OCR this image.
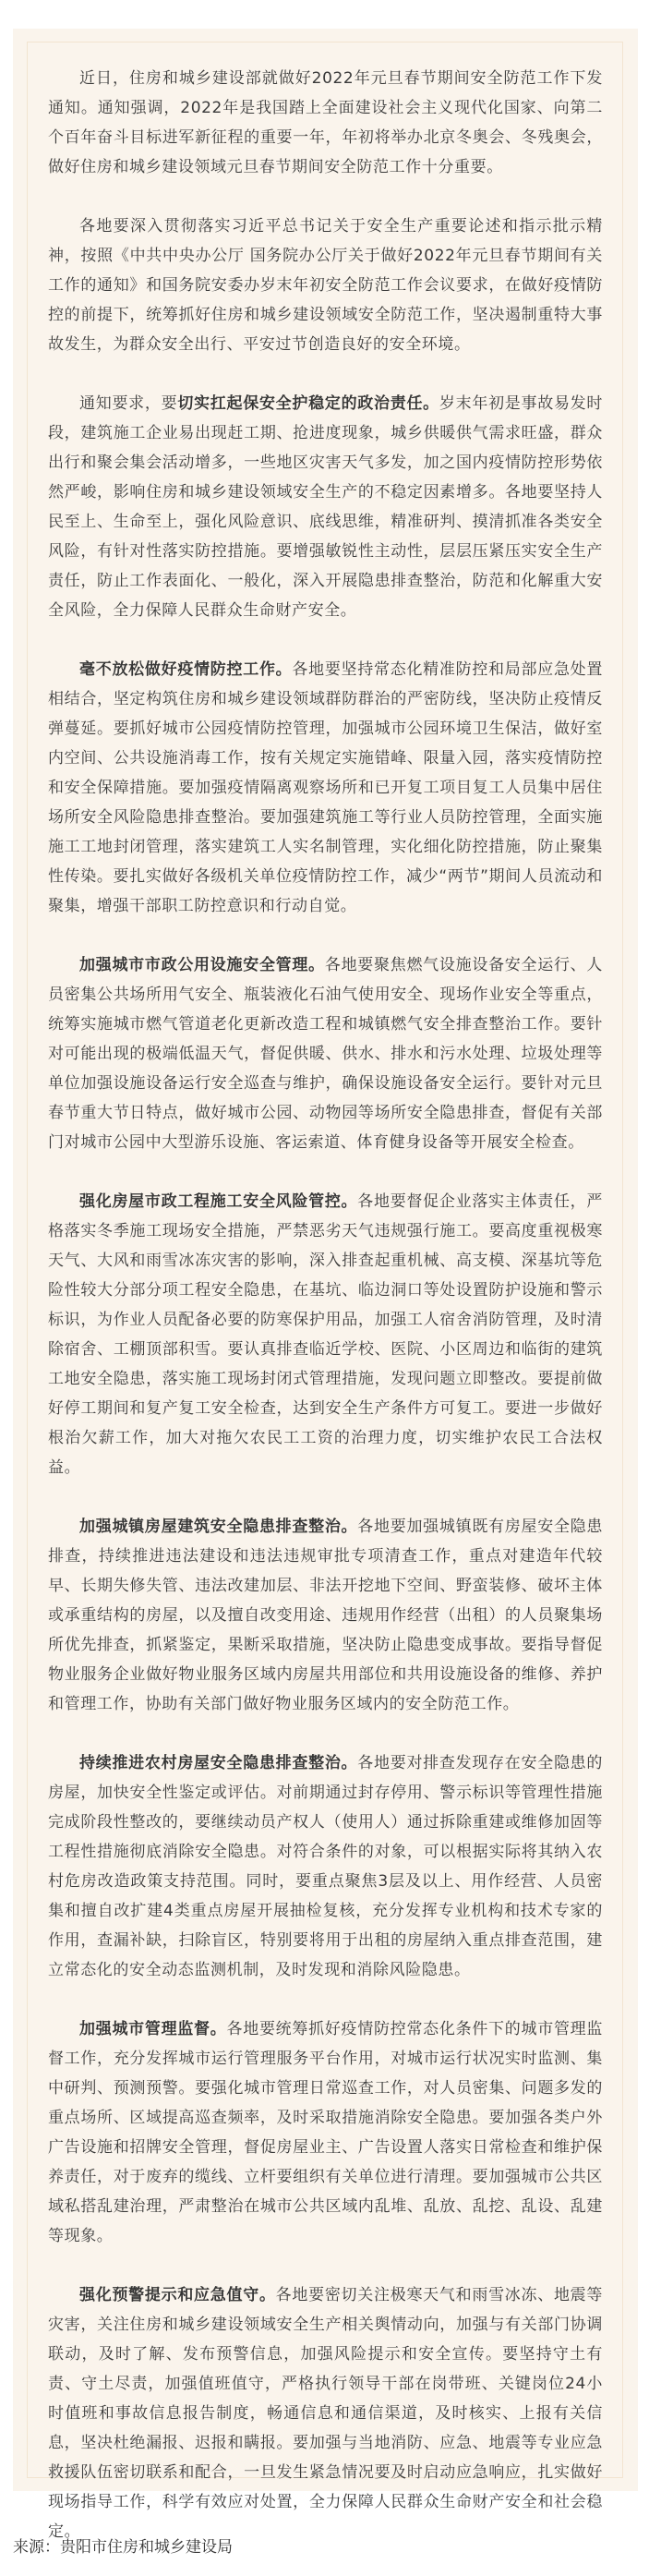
近日，住房和城乡建设部就做好2022年元旦春节期间安全防范工作下发通知。通知强调，2022年是我国踏上全面建设社会主义现代化国家、向第二个百年奋斗目标进军新征程的重要一年，年初将举办北京冬奥会、冬残奥会，做好住房和城乡建设领域元旦春节期间安全防范工作十分重要。

各地要深入贯彻落实习近平总书记关于安全生产重要论述和指示批示精神，按照《中共中央办公厅 国务院办公厅关于做好2022年元旦春节期间有关工作的通知》和国务院安委办岁末年初安全防范工作会议要求，在做好疫情防控的前提下，统筹抓好住房和城乡建设领域安全防范工作，坚决遏制重特大事故发生，为群众安全出行、平安过节创造良好的安全环境。

通知要求，要切实扛起保安全护稳定的政治责任。岁末年初是事故易发时段，建筑施工企业易出现赶工期、抢进度现象，城乡供暖供气需求旺盛，群众出行和聚会集会活动增多，一些地区灾害天气多发，加之国内疫情防控形势依然严峻，影响住房和城乡建设领域安全生产的不稳定因素增多。各地要坚持人民至上、生命至上，强化风险意识、底线思维，精准研判、摸清抓准各类安全风险，有针对性落实防控措施。要增强敏锐性主动性，层层压紧压实安全生产责任，防止工作表面化、一般化，深入开展隐患排查整治，防范和化解重大安全风险，全力保障人民群众生命财产安全。

毫不放松做好疫情防控工作。各地要坚持常态化精准防控和局部应急处置相结合，坚定构筑住房和城乡建设领域群防群治的严密防线，坚决防止疫情反弹蔓延。要抓好城市公园疫情防控管理，加强城市公园环境卫生保洁，做好室内空间、公共设施消毒工作，按有关规定实施错峰、限量入园，落实疫情防控和安全保障措施。要加强疫情隔离观察场所和已开复工项目复工人员集中居住场所安全风险隐患排查整治。要加强建筑施工等行业人员防控管理，全面实施施工工地封闭管理，落实建筑工人实名制管理，实化细化防控措施，防止聚集性传染。要扎实做好各级机关单位疫情防控工作，减少“两节”期间人员流动和聚集，增强干部职工防控意识和行动自觉。

加强城市市政公用设施安全管理。各地要聚焦燃气设施设备安全运行、人员密集公共场所用气安全、瓶装液化石油气使用安全、现场作业安全等重点，统筹实施城市燃气管道老化更新改造工程和城镇燃气安全排查整治工作。要针对可能出现的极端低温天气，督促供暖、供水、排水和污水处理、垃圾处理等单位加强设施设备运行安全巡查与维护，确保设施设备安全运行。要针对元旦春节重大节日特点，做好城市公园、动物园等场所安全隐患排查，督促有关部门对城市公园中大型游乐设施、客运索道、体育健身设备等开展安全检查。

强化房屋市政工程施工安全风险管控。各地要督促企业落实主体责任，严格落实冬季施工现场安全措施，严禁恶劣天气违规强行施工。要高度重视极寒天气、大风和雨雪冰冻灾害的影响，深入排查起重机械、高支模、深基坑等危险性较大分部分项工程安全隐患，在基坑、临边洞口等处设置防护设施和警示标识，为作业人员配备必要的防寒保护用品，加强工人宿舍消防管理，及时清除宿舍、工棚顶部积雪。要认真排查临近学校、医院、小区周边和临街的建筑工地安全隐患，落实施工现场封闭式管理措施，发现问题立即整改。要提前做好停工期间和复产复工安全检查，达到安全生产条件方可复工。要进一步做好根治欠薪工作，加大对拖欠农民工工资的治理力度，切实维护农民工合法权益。

加强城镇房屋建筑安全隐患排查整治。各地要加强城镇既有房屋安全隐患排查，持续推进违法建设和违法违规审批专项清查工作，重点对建造年代较早、长期失修失管、违法改建加层、非法开挖地下空间、野蛮装修、破坏主体或承重结构的房屋，以及擅自改变用途、违规用作经营（出租）的人员聚集场所优先排查，抓紧鉴定，果断采取措施，坚决防止隐患变成事故。要指导督促物业服务企业做好物业服务区域内房屋共用部位和共用设施设备的维修、养护和管理工作，协助有关部门做好物业服务区域内的安全防范工作。

持续推进农村房屋安全隐患排查整治。各地要对排查发现存在安全隐患的房屋，加快安全性鉴定或评估。对前期通过封存停用、警示标识等管理性措施完成阶段性整改的，要继续动员产权人（使用人）通过拆除重建或维修加固等工程性措施彻底消除安全隐患。对符合条件的对象，可以根据实际将其纳入农村危房改造政策支持范围。同时，要重点聚焦3层及以上、用作经营、人员密集和擅自改扩建4类重点房屋开展抽检复核，充分发挥专业机构和技术专家的作用，查漏补缺，扫除盲区，特别要将用于出租的房屋纳入重点排查范围，建立常态化的安全动态监测机制，及时发现和消除风险隐患。

加强城市管理监督。各地要统筹抓好疫情防控常态化条件下的城市管理监督工作，充分发挥城市运行管理服务平台作用，对城市运行状况实时监测、集中研判、预测预警。要强化城市管理日常巡查工作，对人员密集、问题多发的重点场所、区域提高巡查频率，及时采取措施消除安全隐患。要加强各类户外广告设施和招牌安全管理，督促房屋业主、广告设置人落实日常检查和维护保养责任，对于废弃的缆线、立杆要组织有关单位进行清理。要加强城市公共区域私搭乱建治理，严肃整治在城市公共区域内乱堆、乱放、乱挖、乱设、乱建等现象。

强化预警提示和应急值守。各地要密切关注极寒天气和雨雪冰冻、地震等灾害，关注住房和城乡建设领域安全生产相关舆情动向，加强与有关部门协调联动，及时了解、发布预警信息，加强风险提示和安全宣传。要坚持守土有责、守土尽责，加强值班值守，严格执行领导干部在岗带班、关键岗位24小时值班和事故信息报告制度，畅通信息和通信渠道，及时核实、上报有关信息，坚决杜绝漏报、迟报和瞒报。要加强与当地消防、应急、地震等专业应急救援队伍密切联系和配合，一旦发生紧急情况要及时启动应急响应，扎实做好现场指导工作，科学有效应对处置，全力保障人民群众生命财产安全和社会稳定。

来源：贵阳市住房和城乡建设局
